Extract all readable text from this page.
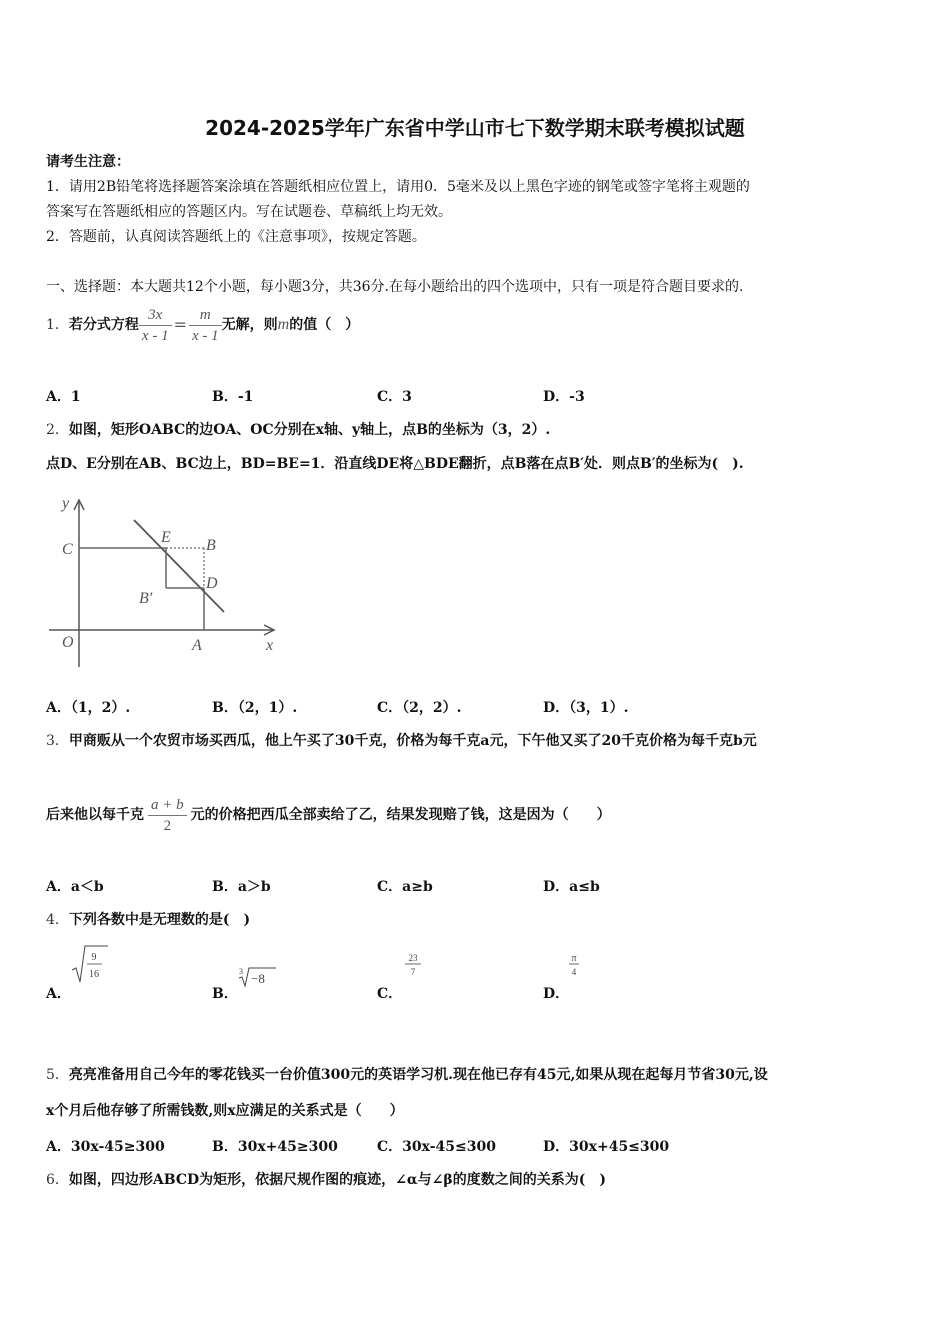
2024-2025学年广东省中学山市七下数学期末联考模拟试题
请考生注意：
1．请用2B铅笔将选择题答案涂填在答题纸相应位置上，请用0．5毫米及以上黑色字迹的钢笔或签字笔将主观题的
答案写在答题纸相应的答题区内。写在试题卷、草稿纸上均无效。
2．答题前，认真阅读答题纸上的《注意事项》，按规定答题。
一、选择题：本大题共12个小题，每小题3分，共36分.在每小题给出的四个选项中，只有一项是符合题目要求的.
1． 若分式方程 $\frac{3x}{x - 1} = \frac{m}{x - 1}$ 无解，则 m 的值（　）
A．1	B．-1	C．3	D．-3
2．如图，矩形OABC的边OA、OC分别在x轴、y轴上，点B的坐标为（3，2）.
点D、E分别在AB、BC边上，BD=BE=1．沿直线DE将△BDE翻折，点B落在点B′处．则点B′的坐标为(　).
y
x
C
E B
D
B′
O	A
A．（1，2）.	B．（2，1）.	C．（2，2）.	D．（3，1）.
3．甲商贩从一个农贸市场买西瓜，他上午买了30千克，价格为每千克a元，下午他又买了20千克价格为每千克b元
后来他以每千克 $\frac{a + b}{2}$ 元的价格把西瓜全部卖给了乙，结果发现赔了钱，这是因为（　　）
A．a＜b	B．a＞b	C．a≥b	D．a≤b
4．下列各数中是无理数的是(　)
A．
9
16
B．
3 −8
C．
23
7
D．
π
4
5．亮亮准备用自己今年的零花钱买一台价值300元的英语学习机.现在他已存有45元,如果从现在起每月节省30元,设
x个月后他存够了所需钱数,则x应满足的关系式是（　　）
A．30x-45≥300	B．30x+45≥300	C．30x-45≤300	D．30x+45≤300
6．如图，四边形ABCD为矩形，依据尺规作图的痕迹，∠α与∠β的度数之间的关系为(　)
